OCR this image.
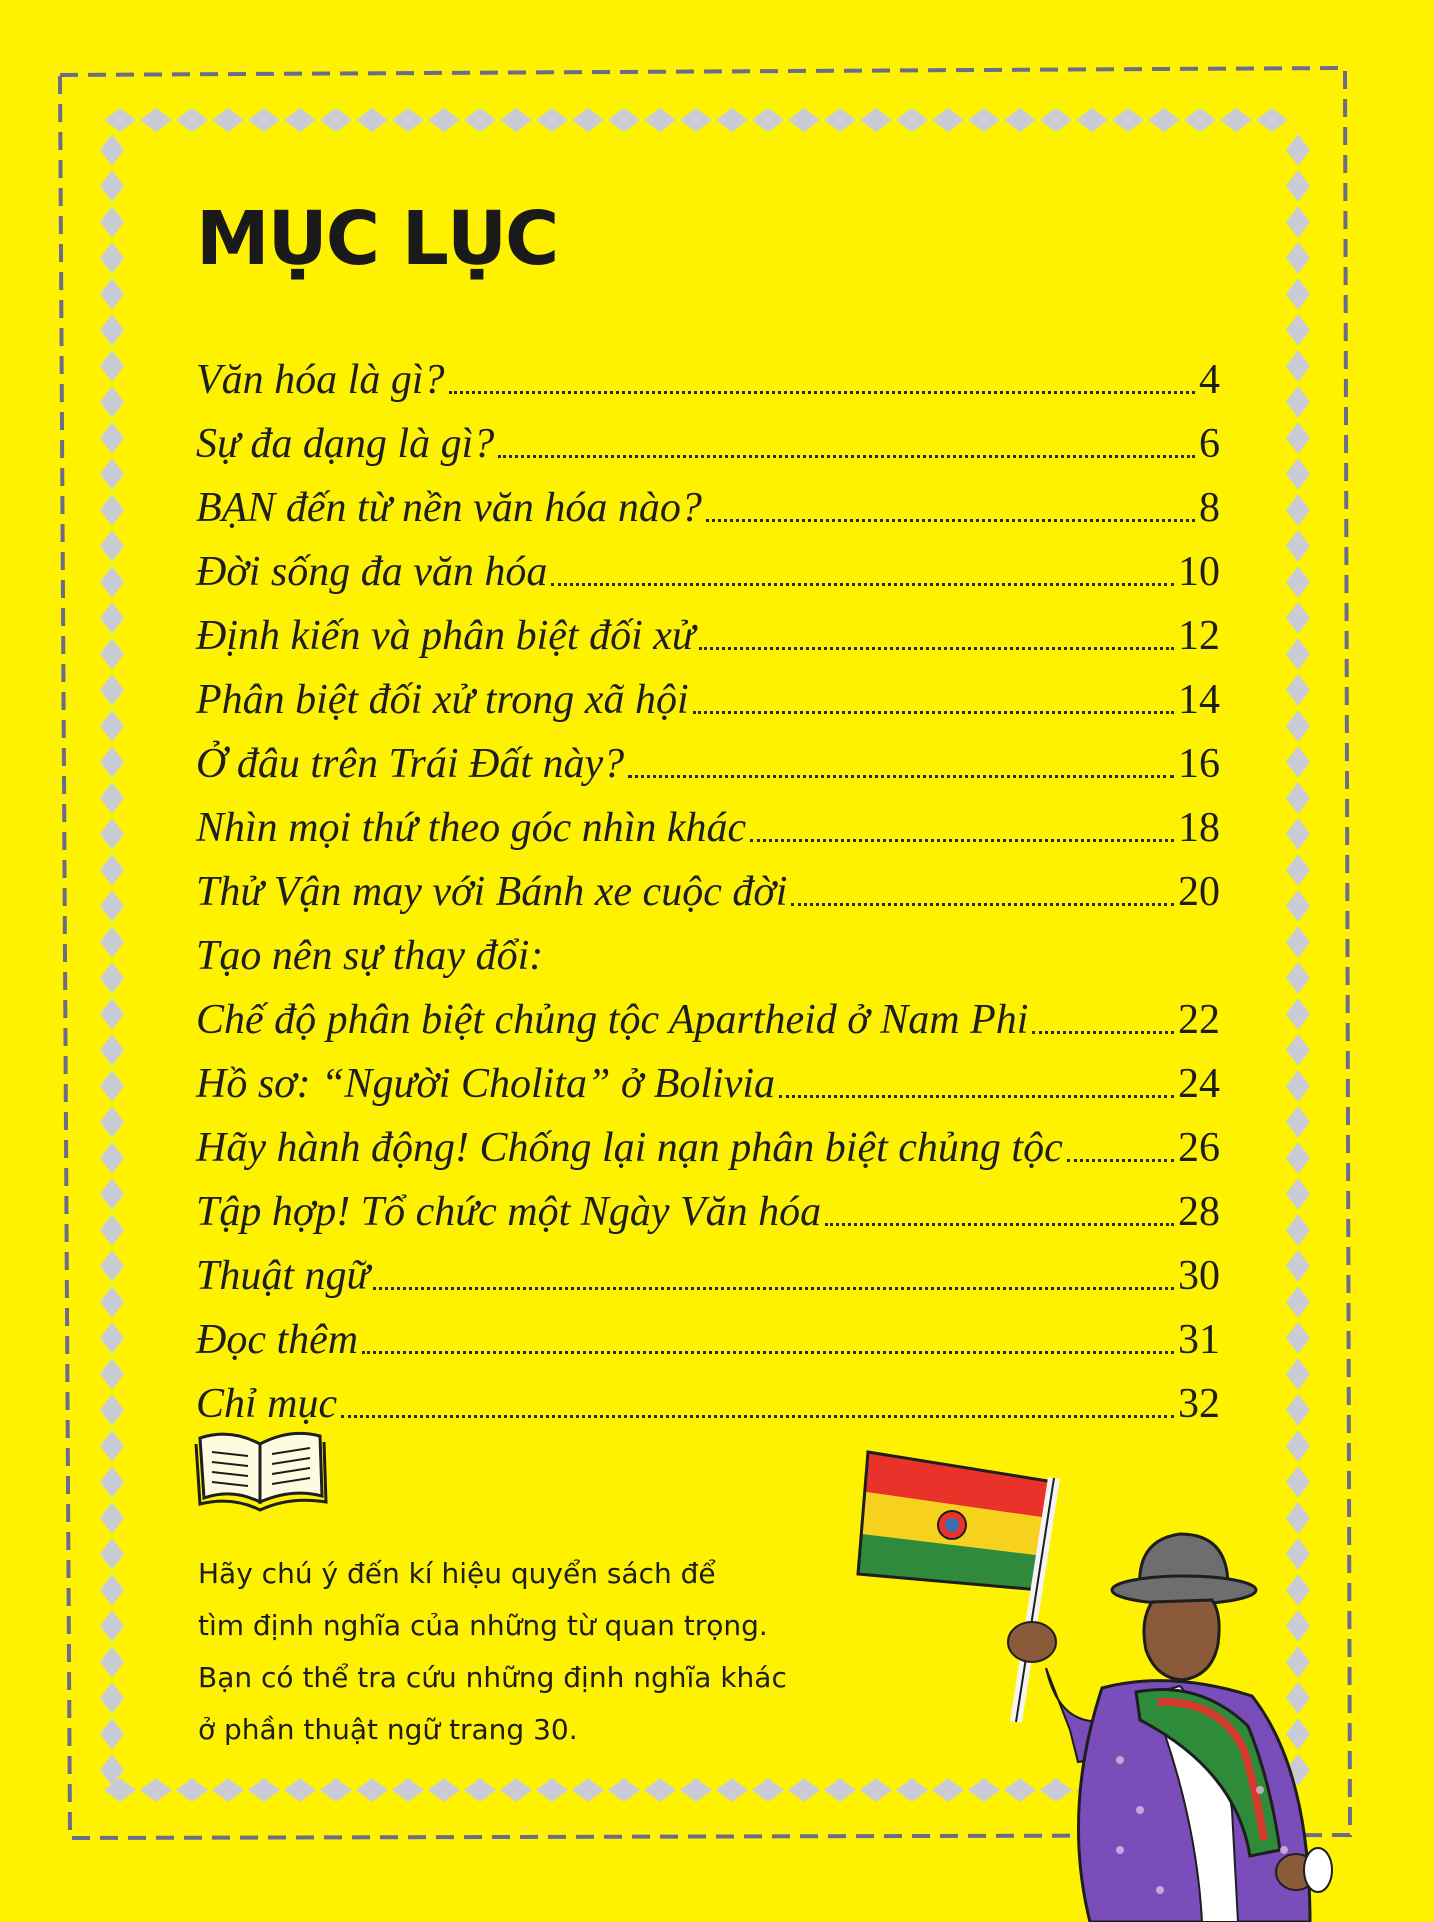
MỤC LỤC
Văn hóa là gì?	4
Sự đa dạng là gì?	6
BẠN đến từ nền văn hóa nào?	8
Đời sống đa văn hóa	10
Định kiến và phân biệt đối xử	12
Phân biệt đối xử trong xã hội	14
Ở đâu trên Trái Đất này?	16
Nhìn mọi thứ theo góc nhìn khác	18
Thử Vận may với Bánh xe cuộc đời	20
Tạo nên sự thay đổi:
Chế độ phân biệt chủng tộc Apartheid ở Nam Phi	22
Hồ sơ: “Người Cholita” ở Bolivia	24
Hãy hành động! Chống lại nạn phân biệt chủng tộc	26
Tập hợp! Tổ chức một Ngày Văn hóa	28
Thuật ngữ	30
Đọc thêm	31
Chỉ mục	32

Hãy chú ý đến kí hiệu quyển sách để
tìm định nghĩa của những từ quan trọng.
Bạn có thể tra cứu những định nghĩa khác
ở phần thuật ngữ trang 30.
